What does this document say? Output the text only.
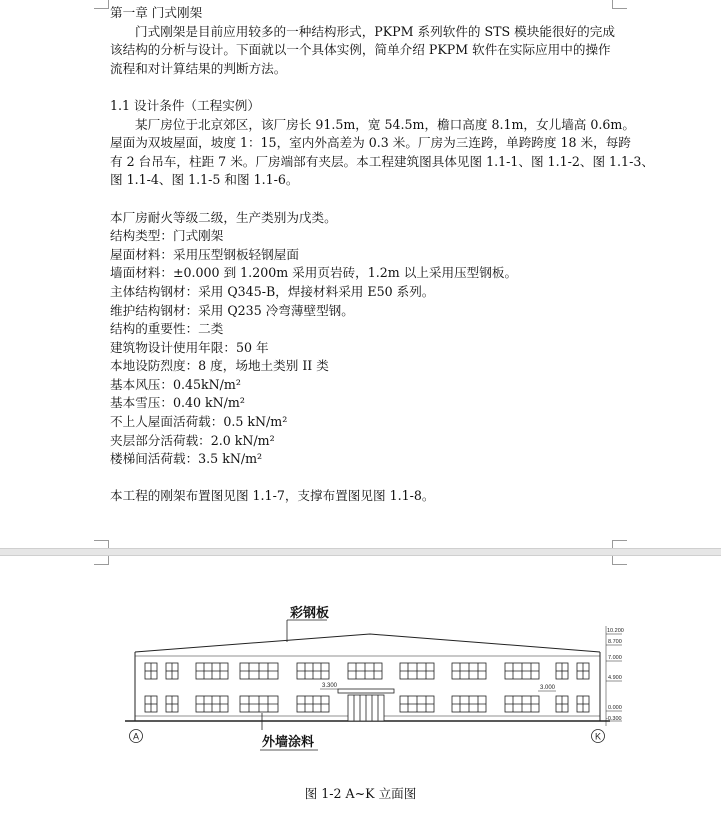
第一章 门式刚架
门式刚架是目前应用较多的一种结构形式，PKPM 系列软件的 STS 模块能很好的完成
该结构的分析与设计。下面就以一个具体实例，简单介绍 PKPM 软件在实际应用中的操作
流程和对计算结果的判断方法。
1.1 设计条件（工程实例）
某厂房位于北京郊区，该厂房长 91.5m，宽 54.5m，檐口高度 8.1m，女儿墙高 0.6m。
屋面为双坡屋面，坡度 1：15，室内外高差为 0.3 米。厂房为三连跨，单跨跨度 18 米，每跨
有 2 台吊车，柱距 7 米。厂房端部有夹层。本工程建筑图具体见图 1.1-1、图 1.1-2、图 1.1-3、
图 1.1-4、图 1.1-5 和图 1.1-6。
本厂房耐火等级二级，生产类别为戊类。
结构类型：门式刚架
屋面材料：采用压型钢板轻钢屋面
墙面材料：±0.000 到 1.200m 采用页岩砖，1.2m 以上采用压型钢板。
主体结构钢材：采用 Q345-B，焊接材料采用 E50 系列。
维护结构钢材：采用 Q235 冷弯薄壁型钢。
结构的重要性：二类
建筑物设计使用年限：50 年
本地设防烈度：8 度，场地土类别 II 类
基本风压：0.45kN/m²
基本雪压：0.40 kN/m²
不上人屋面活荷载：0.5 kN/m²
夹层部分活荷载：2.0 kN/m²
楼梯间活荷载：3.5 kN/m²
本工程的刚架布置图见图 1.1-7，支撑布置图见图 1.1-8。
彩钢板
3.300	3.000
10.200
8.700
7.000
4.900
0.000
-0.300
A	K
外墙涂料
图 1-2 A~K 立面图
